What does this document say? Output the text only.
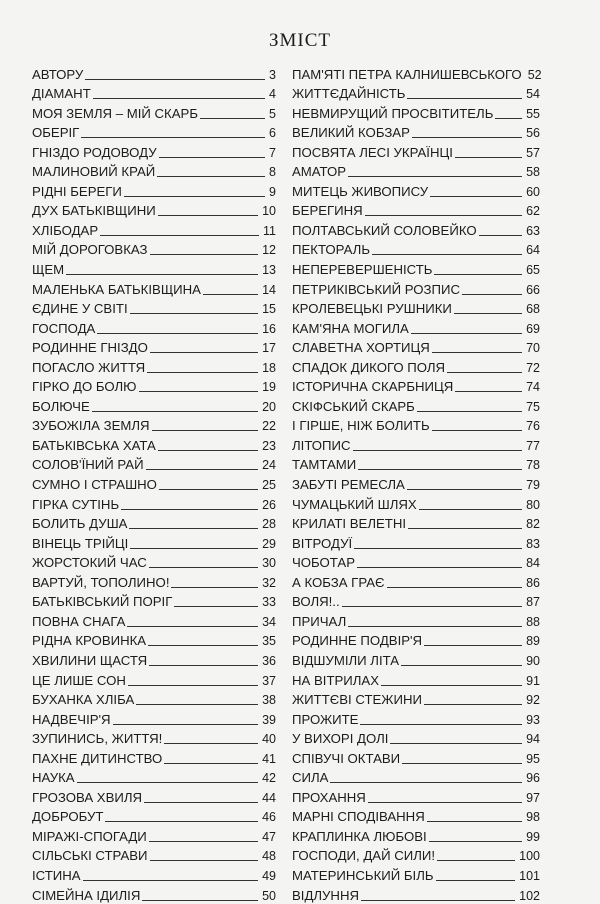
ЗМІСТ
АВТОРУ	3
ДІАМАНТ	4
МОЯ ЗЕМЛЯ – МІЙ СКАРБ	5
ОБЕРІГ	6
ГНІЗДО РОДОВОДУ	7
МАЛИНОВИЙ КРАЙ	8
РІДНІ БЕРЕГИ	9
ДУХ БАТЬКІВЩИНИ	10
ХЛІБОДАР	11
МІЙ ДОРОГОВКАЗ	12
ЩЕМ	13
МАЛЕНЬКА БАТЬКІВЩИНА	14
ЄДИНЕ У СВІТІ	15
ГОСПОДА	16
РОДИННЕ ГНІЗДО	17
ПОГАСЛО ЖИТТЯ	18
ГІРКО ДО БОЛЮ	19
БОЛЮЧЕ	20
ЗУБОЖІЛА ЗЕМЛЯ	22
БАТЬКІВСЬКА ХАТА	23
СОЛОВ'ЇНИЙ РАЙ	24
СУМНО І СТРАШНО	25
ГІРКА СУТІНЬ	26
БОЛИТЬ ДУША	28
ВІНЕЦЬ ТРІЙЦІ	29
ЖОРСТОКИЙ ЧАС	30
ВАРТУЙ, ТОПОЛИНО!	32
БАТЬКІВСЬКИЙ ПОРІГ	33
ПОВНА СНАГА	34
РІДНА КРОВИНКА	35
ХВИЛИНИ ЩАСТЯ	36
ЦЕ ЛИШЕ СОН	37
БУХАНКА ХЛІБА	38
НАДВЕЧІР'Я	39
ЗУПИНИСЬ, ЖИТТЯ!	40
ПАХНЕ ДИТИНСТВО	41
НАУКА	42
ГРОЗОВА ХВИЛЯ	44
ДОБРОБУТ	46
МІРАЖІ-СПОГАДИ	47
СІЛЬСЬКІ СТРАВИ	48
ІСТИНА	49
СІМЕЙНА ІДИЛІЯ	50
ПАМ'ЯТІ ПЕТРА КАЛНИШЕВСЬКОГО 52
ЖИТТЄДАЙНІСТЬ	54
НЕВМИРУЩИЙ ПРОСВІТИТЕЛЬ	55
ВЕЛИКИЙ КОБЗАР	56
ПОСВЯТА ЛЕСІ УКРАЇНЦІ	57
АМАТОР	58
МИТЕЦЬ ЖИВОПИСУ	60
БЕРЕГИНЯ	62
ПОЛТАВСЬКИЙ СОЛОВЕЙКО	63
ПЕКТОРАЛЬ	64
НЕПЕРЕВЕРШЕНІСТЬ	65
ПЕТРИКІВСЬКИЙ РОЗПИС	66
КРОЛЕВЕЦЬКІ РУШНИКИ	68
КАМ'ЯНА МОГИЛА	69
СЛАВЕТНА ХОРТИЦЯ	70
СПАДОК ДИКОГО ПОЛЯ	72
ІСТОРИЧНА СКАРБНИЦЯ	74
СКІФСЬКИЙ СКАРБ	75
І ГІРШЕ, НІЖ БОЛИТЬ	76
ЛІТОПИС	77
ТАМТАМИ	78
ЗАБУТІ РЕМЕСЛА	79
ЧУМАЦЬКИЙ ШЛЯХ	80
КРИЛАТІ ВЕЛЕТНІ	82
ВІТРОДУЇ	83
ЧОБОТАР	84
А КОБЗА ГРАЄ	86
ВОЛЯ!..	87
ПРИЧАЛ	88
РОДИННЕ ПОДВІР'Я	89
ВІДШУМІЛИ ЛІТА	90
НА ВІТРИЛАХ	91
ЖИТТЄВІ СТЕЖИНИ	92
ПРОЖИТЕ	93
У ВИХОРІ ДОЛІ	94
СПІВУЧІ ОКТАВИ	95
СИЛА	96
ПРОХАННЯ	97
МАРНІ СПОДІВАННЯ	98
КРАПЛИНКА ЛЮБОВІ	99
ГОСПОДИ, ДАЙ СИЛИ!	100
МАТЕРИНСЬКИЙ БІЛЬ	101
ВІДЛУННЯ	102
